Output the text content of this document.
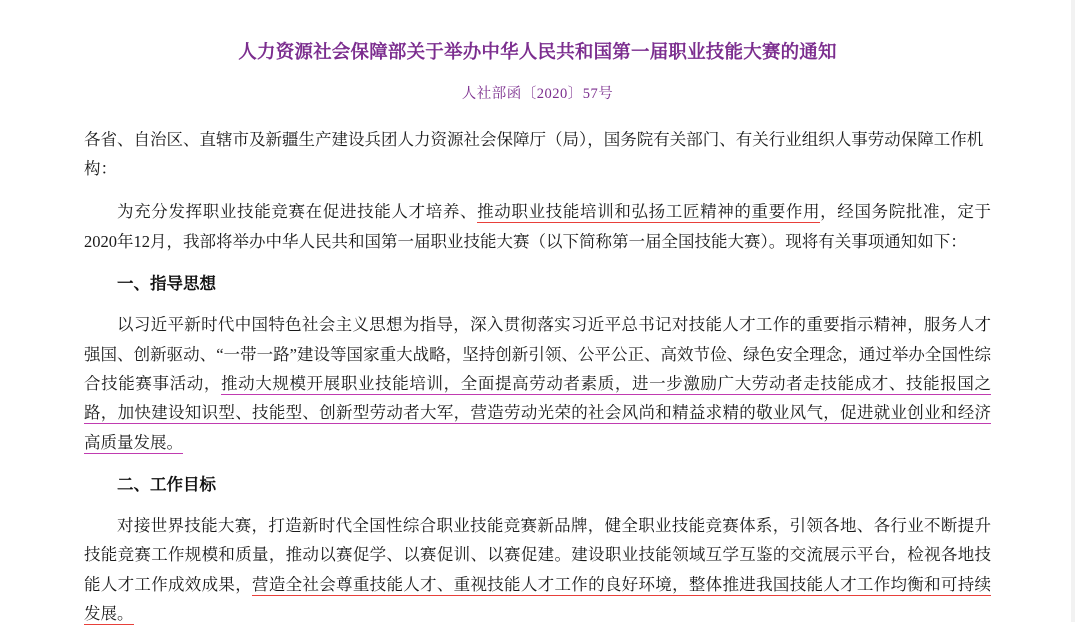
人力资源社会保障部关于举办中华人民共和国第一届职业技能大赛的通知
人社部函〔2020〕57号

各省、自治区、直辖市及新疆生产建设兵团人力资源社会保障厅（局），国务院有关部门、有关行业组织人事劳动保障工作机
构：

为充分发挥职业技能竞赛在促进技能人才培养、推动职业技能培训和弘扬工匠精神的重要作用，经国务院批准，定于2020年12月，我部将举办中华人民共和国第一届职业技能大赛（以下简称第一届全国技能大赛）。现将有关事项通知如下：

一、指导思想

以习近平新时代中国特色社会主义思想为指导，深入贯彻落实习近平总书记对技能人才工作的重要指示精神，服务人才强国、创新驱动、“一带一路”建设等国家重大战略，坚持创新引领、公平公正、高效节俭、绿色安全理念，通过举办全国性综合技能赛事活动，推动大规模开展职业技能培训，全面提高劳动者素质，进一步激励广大劳动者走技能成才、技能报国之路，加快建设知识型、技能型、创新型劳动者大军，营造劳动光荣的社会风尚和精益求精的敬业风气，促进就业创业和经济高质量发展。

二、工作目标

对接世界技能大赛，打造新时代全国性综合职业技能竞赛新品牌，健全职业技能竞赛体系，引领各地、各行业不断提升技能竞赛工作规模和质量，推动以赛促学、以赛促训、以赛促建。建设职业技能领域互学互鉴的交流展示平台，检视各地技能人才工作成效成果，营造全社会尊重技能人才、重视技能人才工作的良好环境，整体推进我国技能人才工作均衡和可持续发展。
